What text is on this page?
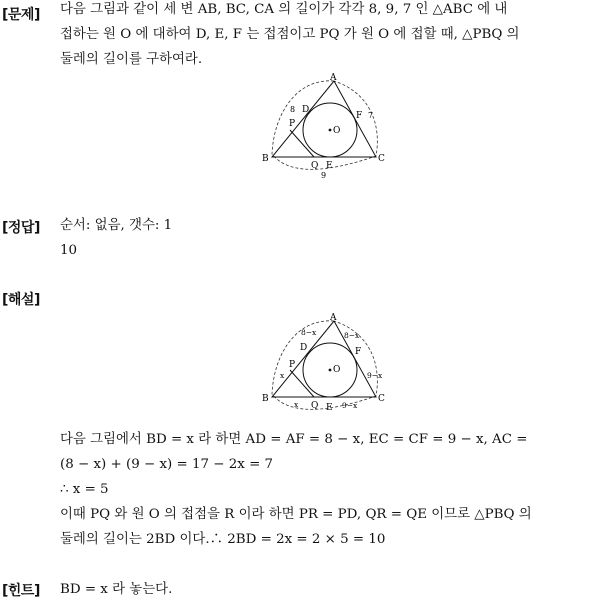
[문제] 다음 그림과 같이 세 변 AB, BC, CA 의 길이가 각각 8, 9, 7 인 △ABC 에 내
접하는 원 O 에 대하여 D, E, F 는 접점이고 PQ 가 원 O 에 접할 때, △PBQ 의
둘레의 길이를 구하여라.
A
B	C
D
P
F
Q E
O
8
7
9
[정답] 순서: 없음, 갯수: 1
10
[해설]
A
B	C
D
P
F
Q E
O
8−x	8−x
9−x
x
x	9−x
다음 그림에서 BD = x 라 하면 AD = AF = 8 − x, EC = CF = 9 − x, AC =
(8 − x) + (9 − x) = 17 − 2x = 7
∴ x = 5
이때 PQ 와 원 O 의 접점을 R 이라 하면 PR = PD, QR = QE 이므로 △PBQ 의
둘레의 길이는 2BD 이다.∴ 2BD = 2x = 2 × 5 = 10
[힌트] BD = x 라 놓는다.
